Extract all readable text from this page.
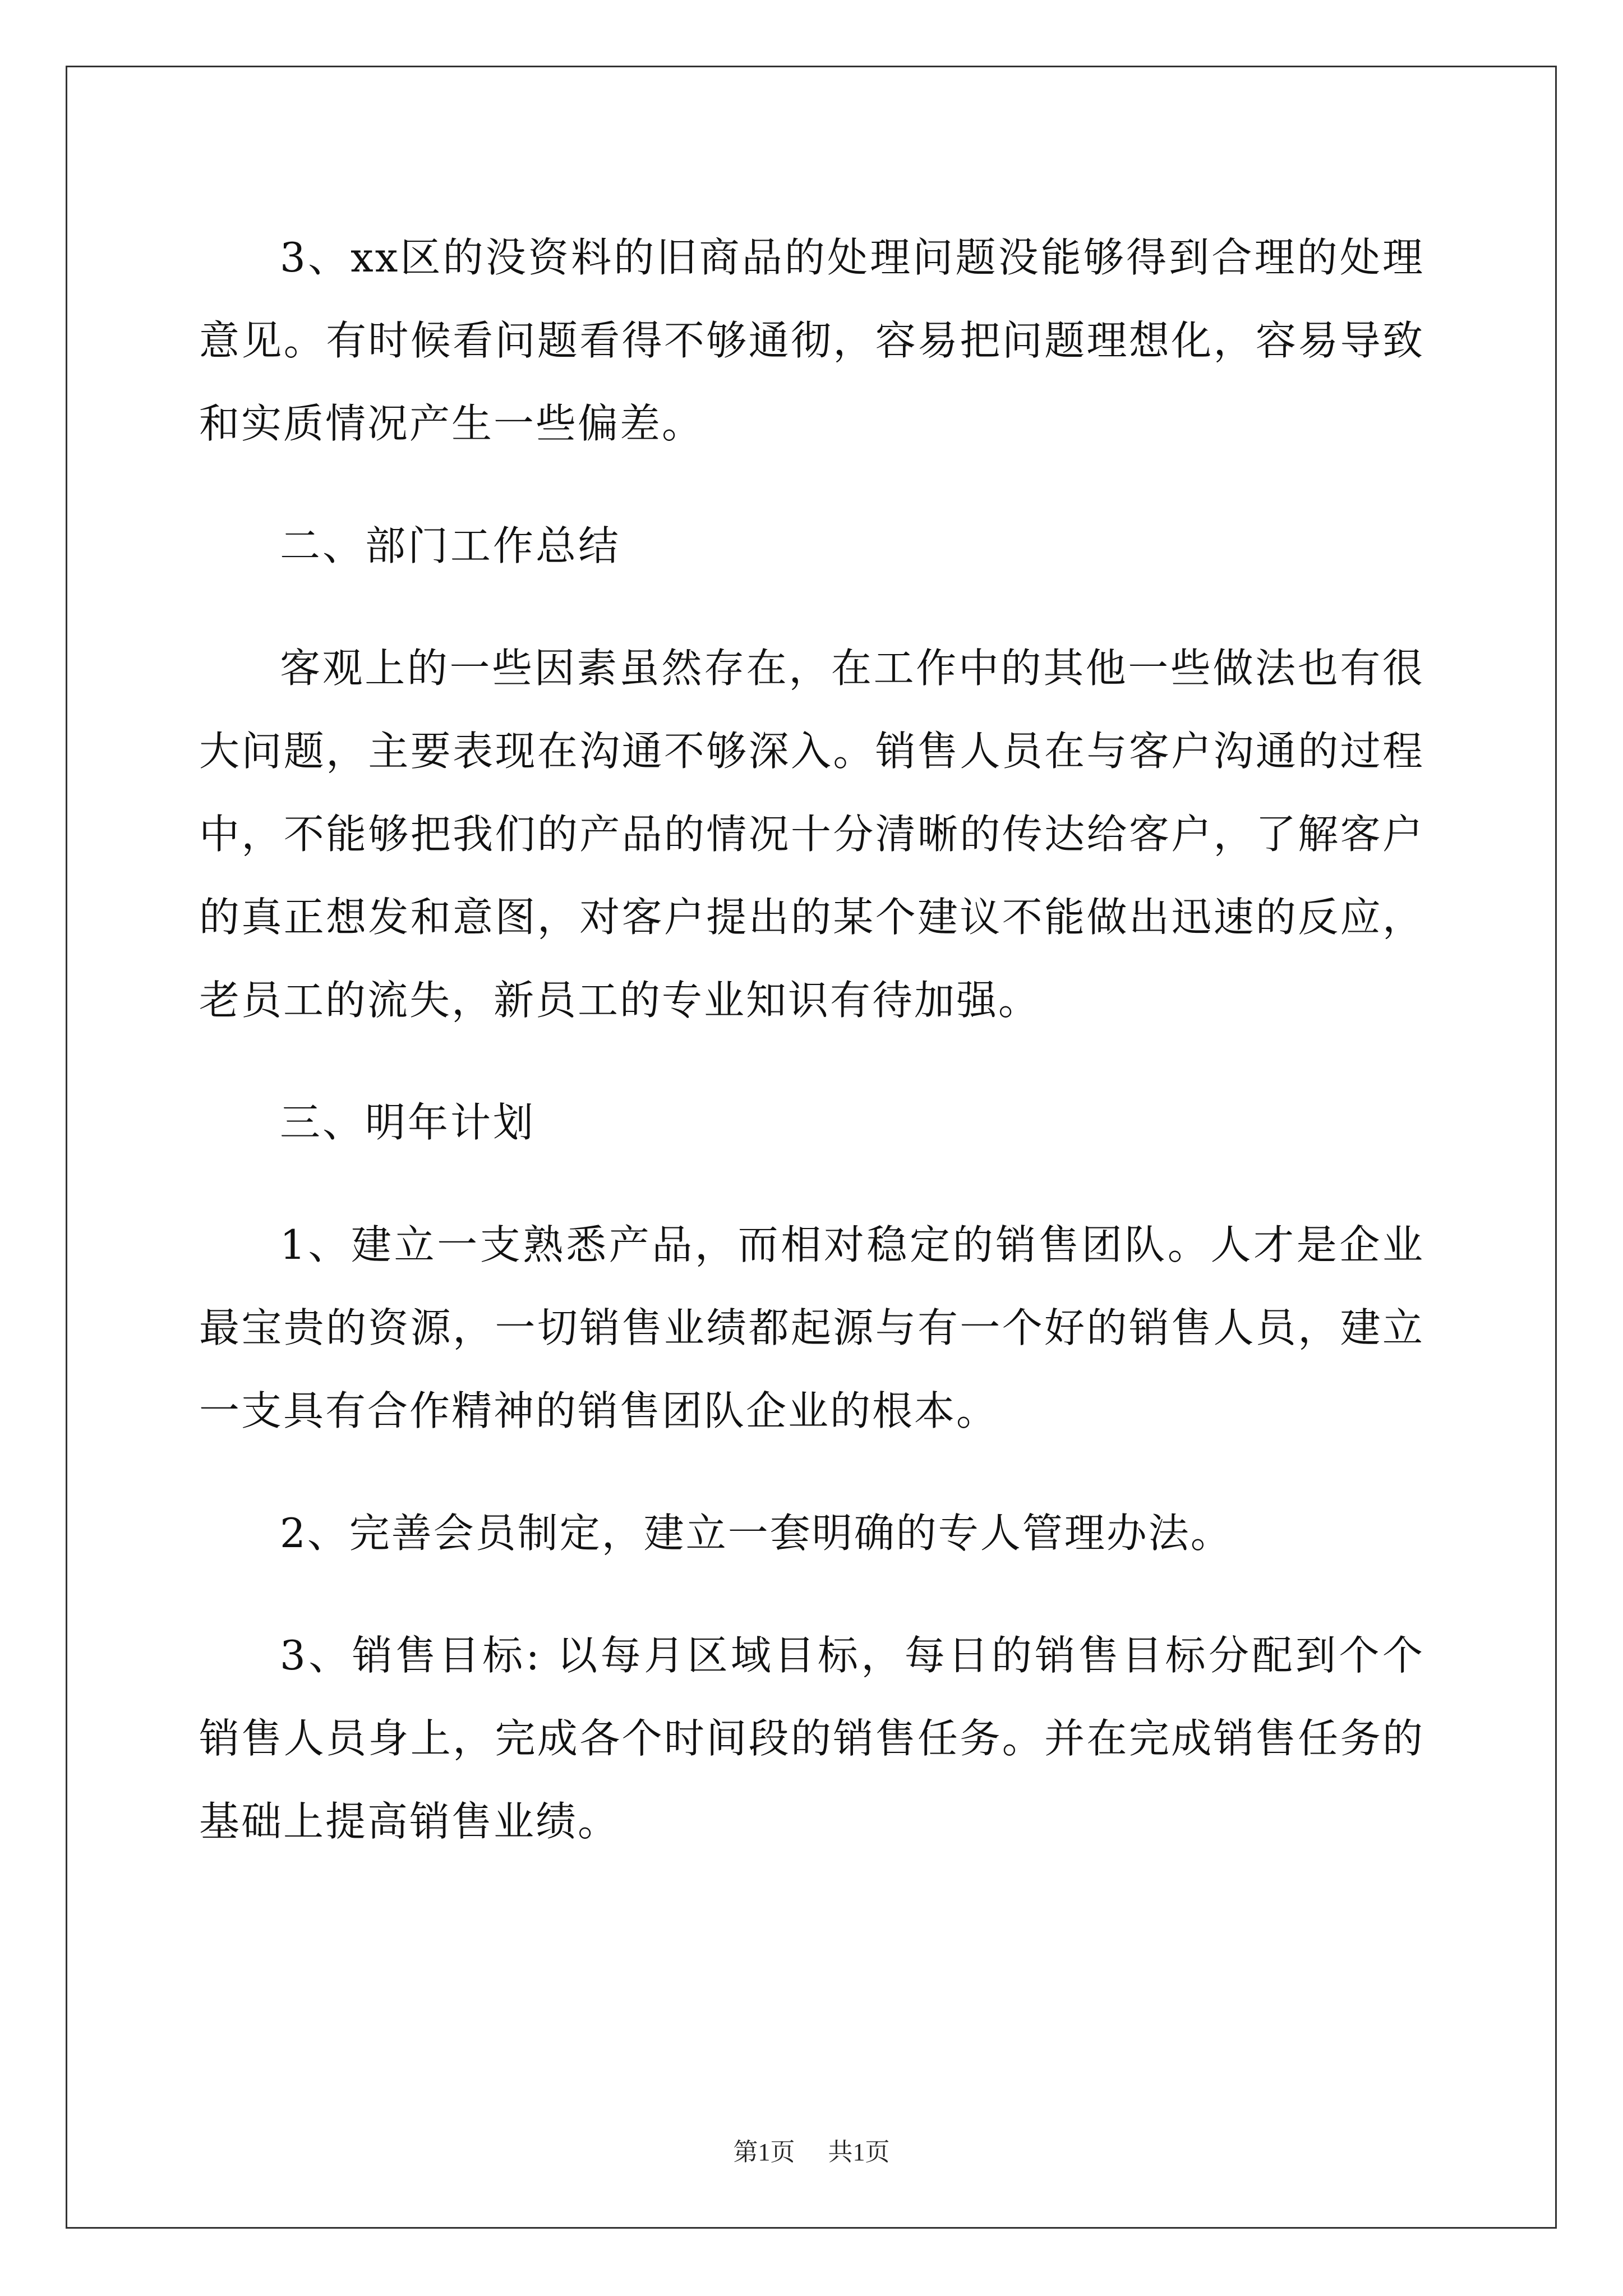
3、xx区的没资料的旧商品的处理问题没能够得到合理的处理意见。有时候看问题看得不够通彻，容易把问题理想化，容易导致和实质情况产生一些偏差。

二、部门工作总结

客观上的一些因素虽然存在，在工作中的其他一些做法也有很大问题，主要表现在沟通不够深入。销售人员在与客户沟通的过程中，不能够把我们的产品的情况十分清晰的传达给客户，了解客户的真正想发和意图，对客户提出的某个建议不能做出迅速的反应，老员工的流失，新员工的专业知识有待加强。

三、明年计划

1、建立一支熟悉产品，而相对稳定的销售团队。人才是企业最宝贵的资源，一切销售业绩都起源与有一个好的销售人员，建立一支具有合作精神的销售团队企业的根本。

2、完善会员制定，建立一套明确的专人管理办法。

3、销售目标: 以每月区域目标，每日的销售目标分配到个个销售人员身上，完成各个时间段的销售任务。并在完成销售任务的基础上提高销售业绩。

第1页 共1页
